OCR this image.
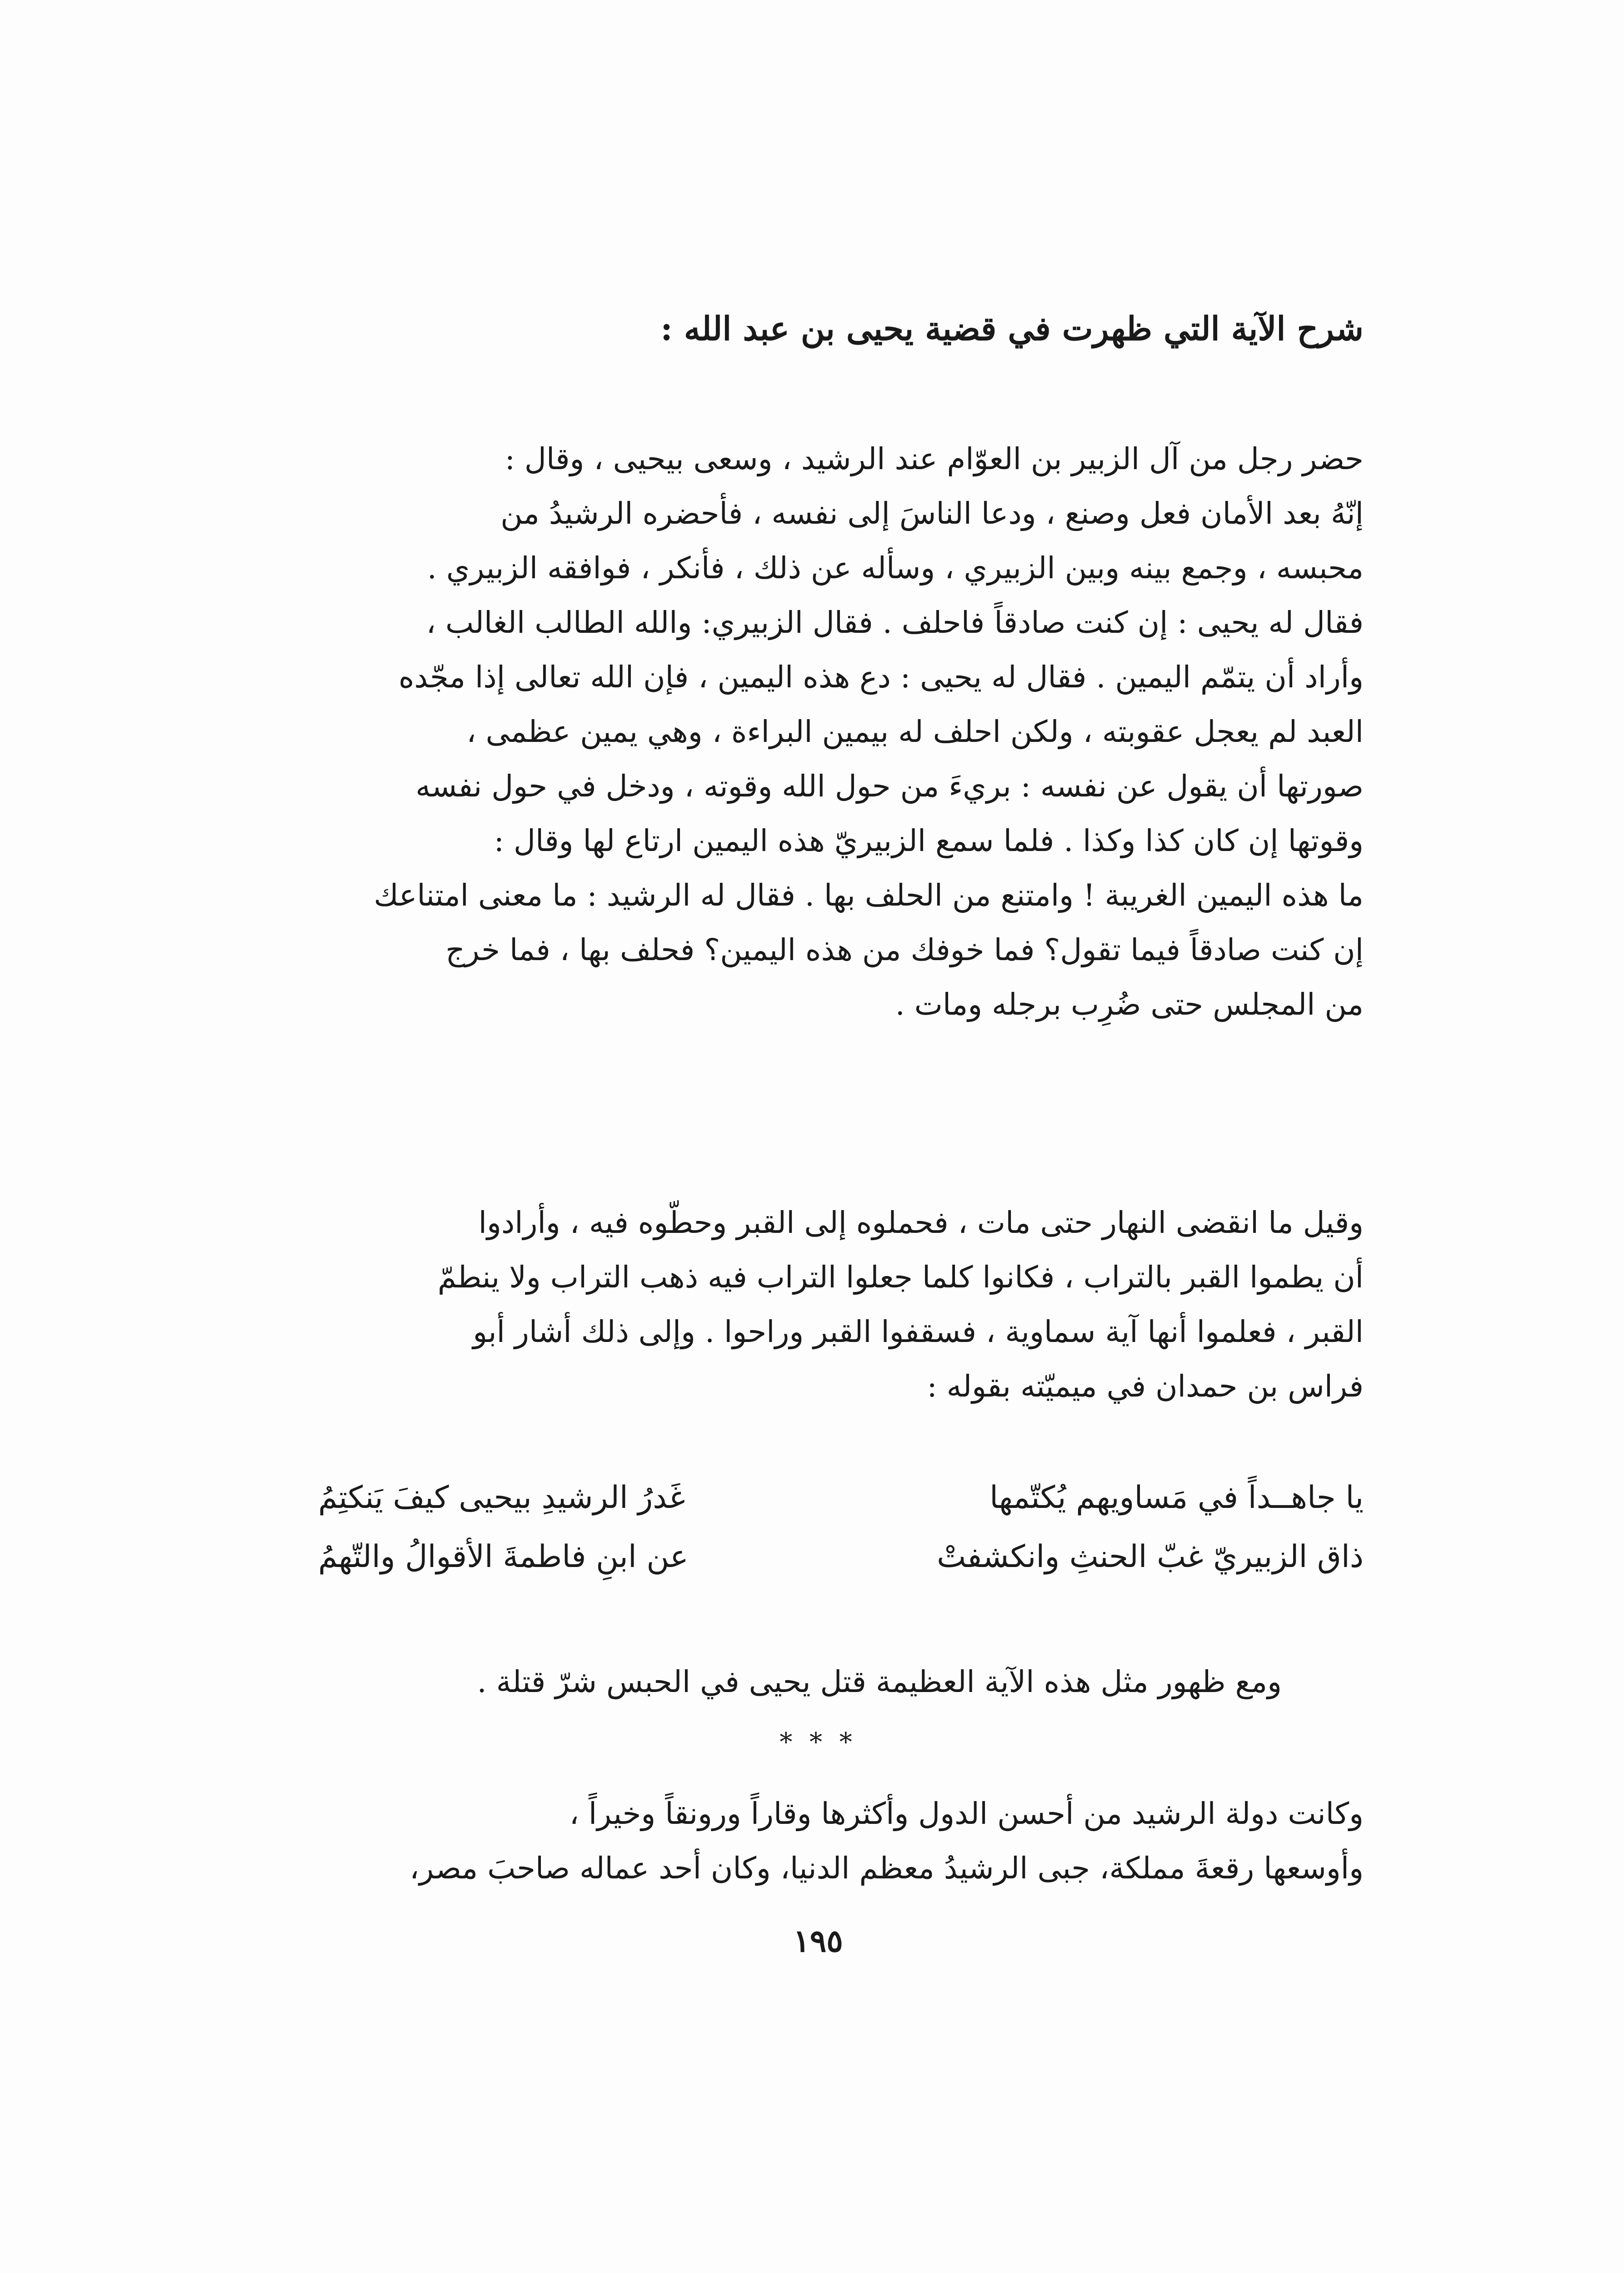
شرح الآية التي ظهرت في قضية يحيى بن عبد الله :
حضر رجل من آل الزبير بن العوّام عند الرشيد ، وسعى بيحيى ، وقال :
إنّهُ بعد الأمان فعل وصنع ، ودعا الناسَ إلى نفسه ، فأحضره الرشيدُ من
محبسه ، وجمع بينه وبين الزبيري ، وسأله عن ذلك ، فأنكر ، فوافقه الزبيري .
فقال له يحيى : إن كنت صادقاً فاحلف . فقال الزبيري: والله الطالب الغالب ،
وأراد أن يتمّم اليمين . فقال له يحيى : دع هذه اليمين ، فإن الله تعالى إذا مجّده
العبد لم يعجل عقوبته ، ولكن احلف له بيمين البراءة ، وهي يمين عظمى ،
صورتها أن يقول عن نفسه : بريءَ من حول الله وقوته ، ودخل في حول نفسه
وقوتها إن كان كذا وكذا . فلما سمع الزبيريّ هذه اليمين ارتاع لها وقال :
ما هذه اليمين الغريبة ! وامتنع من الحلف بها . فقال له الرشيد : ما معنى امتناعك
إن كنت صادقاً فيما تقول؟ فما خوفك من هذه اليمين؟ فحلف بها ، فما خرج
من المجلس حتى ضُرِب برجله ومات .
وقيل ما انقضى النهار حتى مات ، فحملوه إلى القبر وحطّوه فيه ، وأرادوا
أن يطموا القبر بالتراب ، فكانوا كلما جعلوا التراب فيه ذهب التراب ولا ينطمّ
القبر ، فعلموا أنها آية سماوية ، فسقفوا القبر وراحوا . وإلى ذلك أشار أبو
فراس بن حمدان في ميميّته بقوله :
يا جاهــداً في مَساويهم يُكتّمها
غَدرُ الرشيدِ بيحيى كيفَ يَنكتِمُ
ذاق الزبيريّ غبّ الحنثِ وانكشفتْ
عن ابنِ فاطمةَ الأقوالُ والتّهمُ
ومع ظهور مثل هذه الآية العظيمة قتل يحيى في الحبس شرّ قتلة .
* * *
وكانت دولة الرشيد من أحسن الدول وأكثرها وقاراً ورونقاً وخيراً ،
وأوسعها رقعةَ مملكة، جبى الرشيدُ معظم الدنيا، وكان أحد عماله صاحبَ مصر،
١٩٥
